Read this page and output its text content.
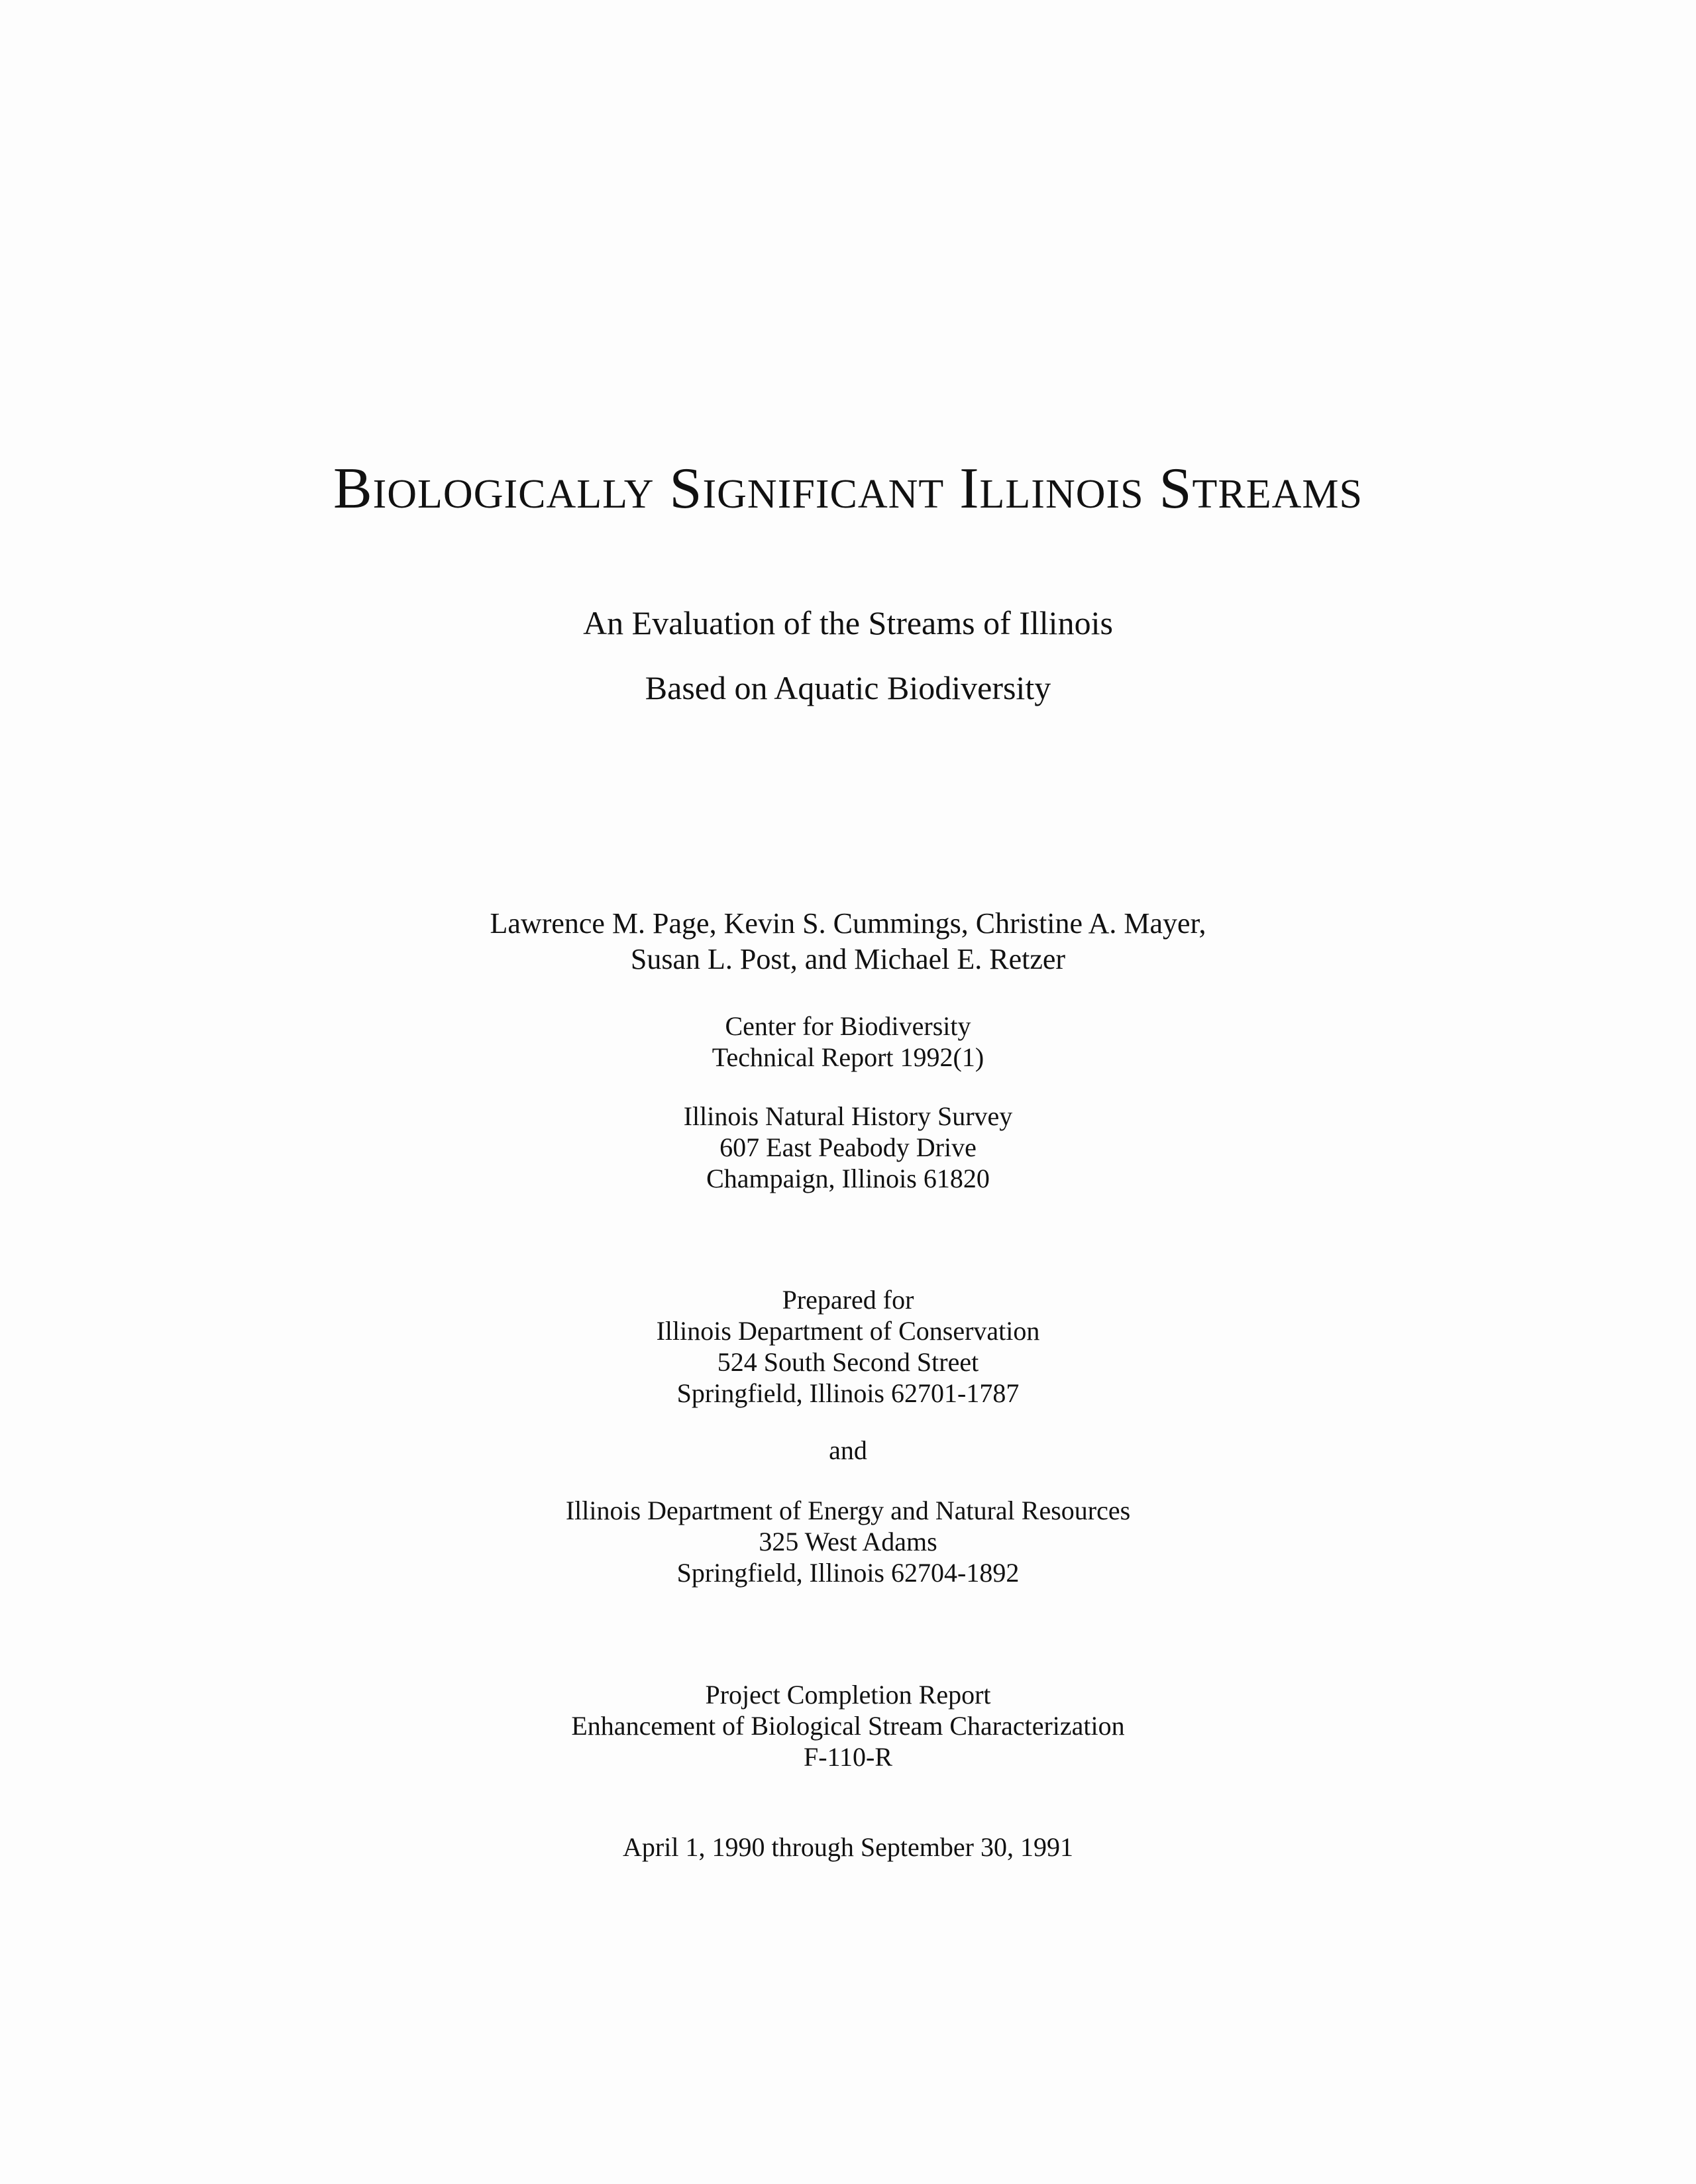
Biologically Significant Illinois Streams
An Evaluation of the Streams of Illinois
Based on Aquatic Biodiversity
Lawrence M. Page, Kevin S. Cummings, Christine A. Mayer,
Susan L. Post, and Michael E. Retzer
Center for Biodiversity
Technical Report 1992(1)
Illinois Natural History Survey
607 East Peabody Drive
Champaign, Illinois 61820
Prepared for
Illinois Department of Conservation
524 South Second Street
Springfield, Illinois 62701-1787
and
Illinois Department of Energy and Natural Resources
325 West Adams
Springfield, Illinois 62704-1892
Project Completion Report
Enhancement of Biological Stream Characterization
F-110-R
April 1, 1990 through September 30, 1991
